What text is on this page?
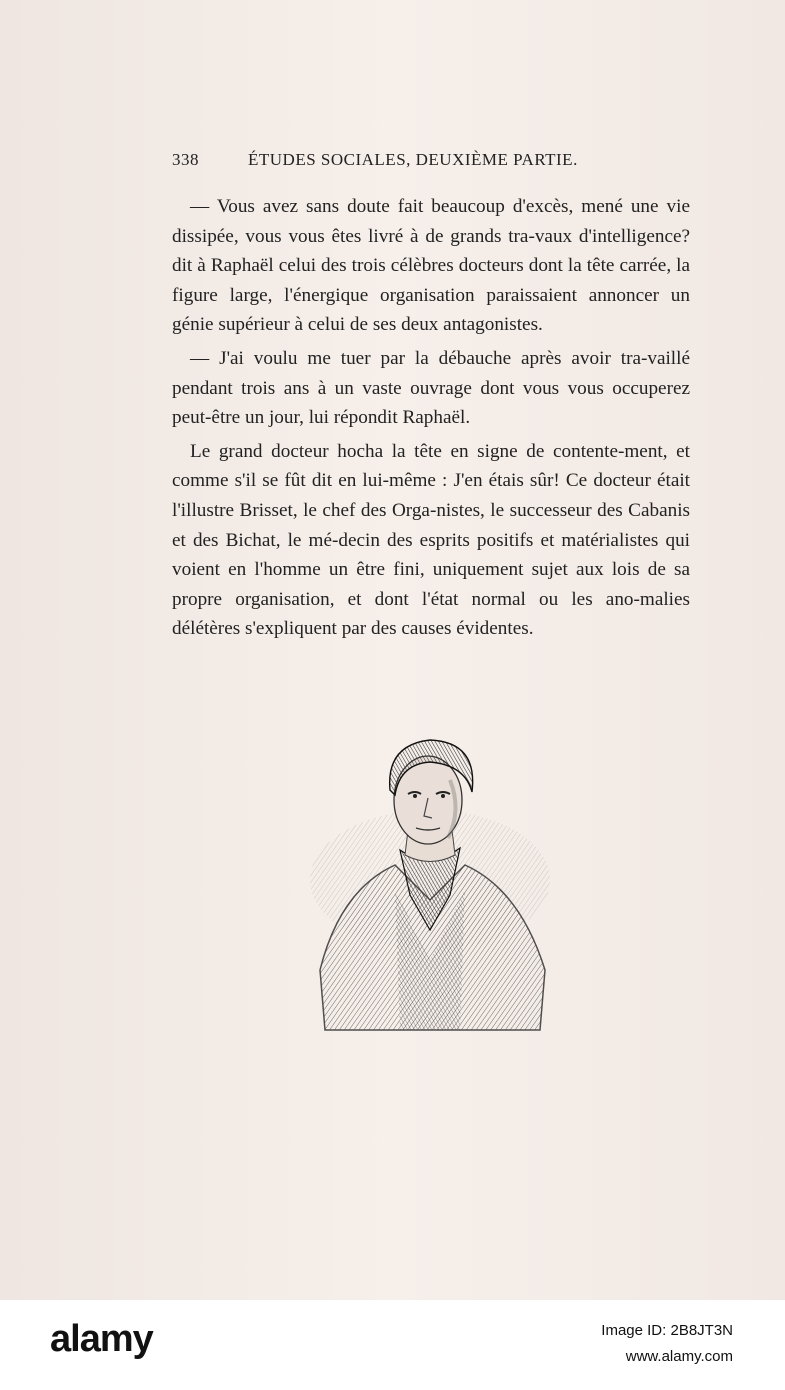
338	ÉTUDES SOCIALES, DEUXIÈME PARTIE.

— Vous avez sans doute fait beaucoup d'excès, mené une vie dissipée, vous vous êtes livré à de grands tra-vaux d'intelligence? dit à Raphaël celui des trois célèbres docteurs dont la tête carrée, la figure large, l'énergique organisation paraissaient annoncer un génie supérieur à celui de ses deux antagonistes.

— J'ai voulu me tuer par la débauche après avoir tra-vaillé pendant trois ans à un vaste ouvrage dont vous vous occuperez peut-être un jour, lui répondit Raphaël.

Le grand docteur hocha la tête en signe de contente-ment, et comme s'il se fût dit en lui-même : J'en étais sûr! Ce docteur était l'illustre Brisset, le chef des Orga-nistes, le successeur des Cabanis et des Bichat, le mé-decin des esprits positifs et matérialistes qui voient en l'homme un être fini, uniquement sujet aux lois de sa propre organisation, et dont l'état normal ou les ano-malies délétères s'expliquent par des causes évidentes.

alamy	Image ID: 2B8JT3N
www.alamy.com
